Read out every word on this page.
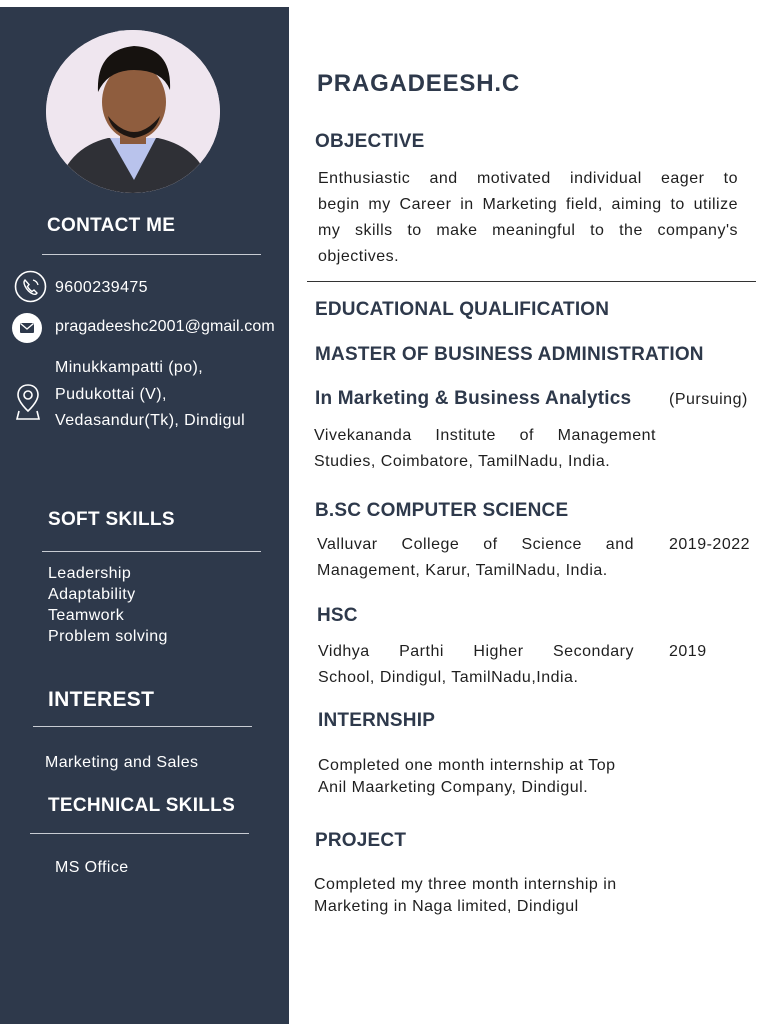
CONTACT ME
9600239475
pragadeeshc2001@gmail.com
Minukkampatti (po),
Pudukottai (V),
Vedasandur(Tk), Dindigul
SOFT SKILLS
Leadership
Adaptability
Teamwork
Problem solving
INTEREST
Marketing and Sales
TECHNICAL SKILLS
MS Office
PRAGADEESH.C
OBJECTIVE
Enthusiastic and motivated individual eager to
begin my Career in Marketing field, aiming to utilize
my skills to make meaningful to the company's
objectives.
EDUCATIONAL QUALIFICATION
MASTER OF BUSINESS ADMINISTRATION
In Marketing & Business Analytics (Pursuing)
Vivekananda Institute of Management
Studies, Coimbatore, TamilNadu, India.
B.SC COMPUTER SCIENCE
Valluvar College of Science and
Management, Karur, TamilNadu, India.
2019-2022
HSC
Vidhya Parthi Higher Secondary
School, Dindigul, TamilNadu,India.
2019
INTERNSHIP
Completed one month internship at Top
Anil Maarketing Company, Dindigul.
PROJECT
Completed my three month internship in
Marketing in Naga limited, Dindigul
